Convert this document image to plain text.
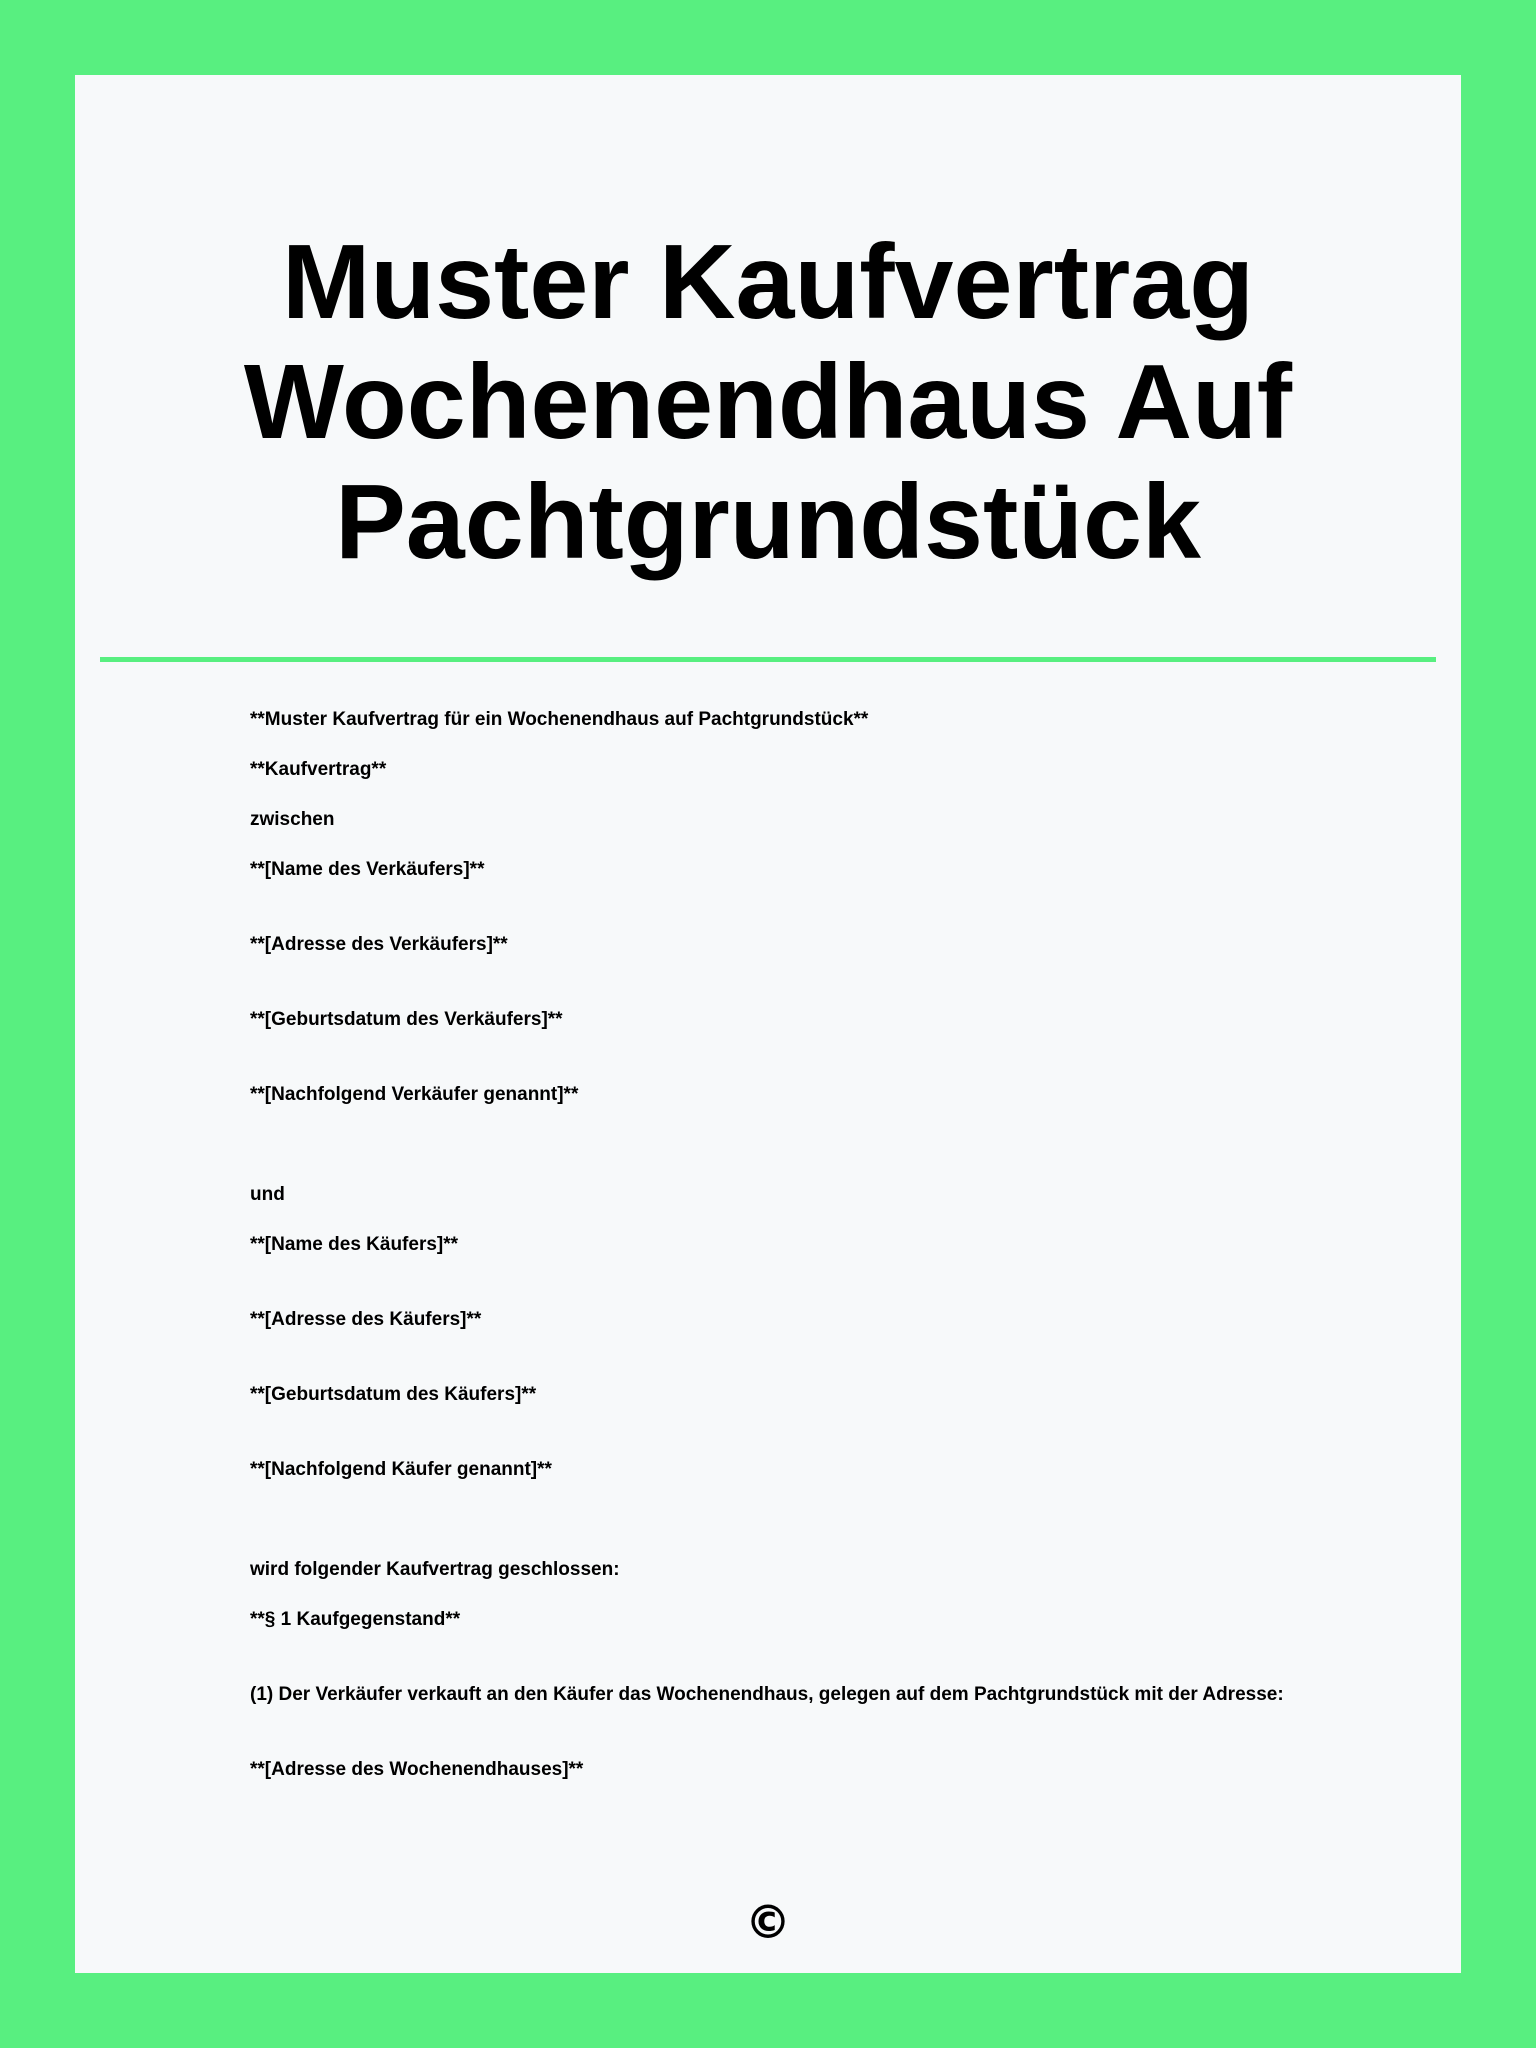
Muster Kaufvertrag Wochenendhaus Auf Pachtgrundstück

**Muster Kaufvertrag für ein Wochenendhaus auf Pachtgrundstück**

**Kaufvertrag**

zwischen

**[Name des Verkäufers]**

**[Adresse des Verkäufers]**

**[Geburtsdatum des Verkäufers]**

**[Nachfolgend Verkäufer genannt]**

und

**[Name des Käufers]**

**[Adresse des Käufers]**

**[Geburtsdatum des Käufers]**

**[Nachfolgend Käufer genannt]**

wird folgender Kaufvertrag geschlossen:

**§ 1 Kaufgegenstand**

(1) Der Verkäufer verkauft an den Käufer das Wochenendhaus, gelegen auf dem Pachtgrundstück mit der Adresse:

**[Adresse des Wochenendhauses]**

©
